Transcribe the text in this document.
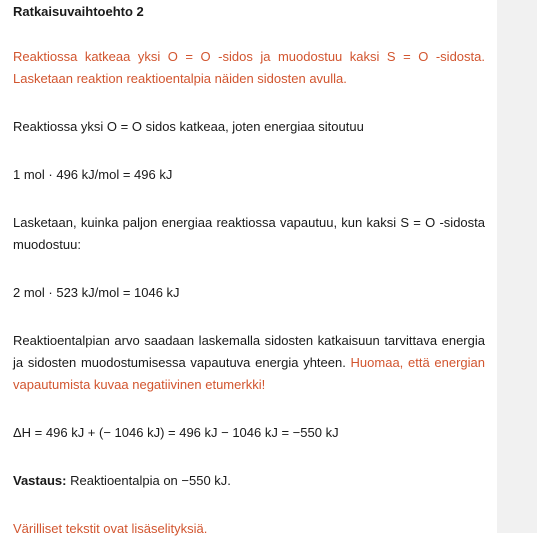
Ratkaisuvaihtoehto 2

Reaktiossa katkeaa yksi O = O -sidos ja muodostuu kaksi S = O -sidosta. Lasketaan reaktion reaktioentalpia näiden sidosten avulla.

Reaktiossa yksi O = O sidos katkeaa, joten energiaa sitoutuu

1 mol · 496 kJ/mol = 496 kJ

Lasketaan, kuinka paljon energiaa reaktiossa vapautuu, kun kaksi S = O -sidosta muodostuu:

2 mol · 523 kJ/mol = 1046 kJ

Reaktioentalpian arvo saadaan laskemalla sidosten katkaisuun tarvittava energia ja sidosten muodostumisessa vapautuva energia yhteen. Huomaa, että energian vapautumista kuvaa negatiivinen etumerkki!

ΔH = 496 kJ + (− 1046 kJ) = 496 kJ − 1046 kJ = −550 kJ

Vastaus: Reaktioentalpia on −550 kJ.

Värilliset tekstit ovat lisäselityksiä.
